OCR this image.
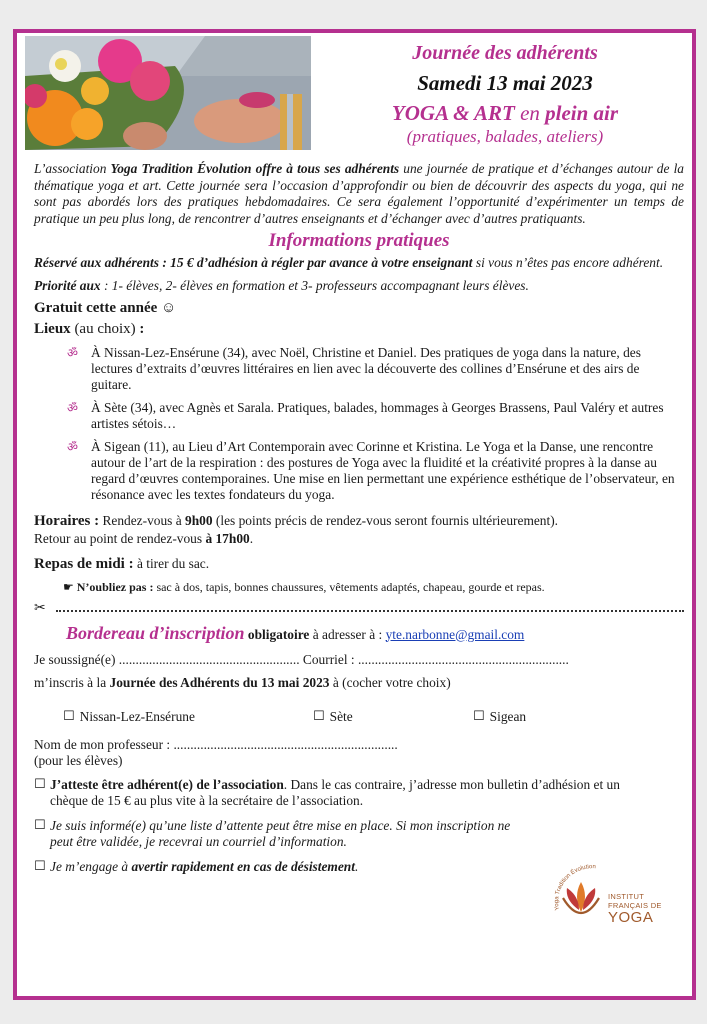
Journée des adhérents
Samedi 13 mai 2023
YOGA & ART en plein air
(pratiques, balades, ateliers)

L’association Yoga Tradition Évolution offre à tous ses adhérents une journée de pratique et d’échanges autour de la thématique yoga et art. Cette journée sera l’occasion d’approfondir ou bien de découvrir des aspects du yoga, qui ne sont pas abordés lors des pratiques hebdomadaires. Ce sera également l’opportunité d’expérimenter un temps de pratique un peu plus long, de rencontrer d’autres enseignants et d’échanger avec d’autres pratiquants.

Informations pratiques

Réservé aux adhérents : 15 € d’adhésion à régler par avance à votre enseignant si vous n’êtes pas encore adhérent.

Priorité aux : 1- élèves, 2- élèves en formation et 3- professeurs accompagnant leurs élèves.

Gratuit cette année ☺
Lieux (au choix) :
ॐ À Nissan-Lez-Ensérune (34), avec Noël, Christine et Daniel. Des pratiques de yoga dans la nature, des lectures d’extraits d’œuvres littéraires en lien avec la découverte des collines d’Ensérune et des airs de guitare.
ॐ À Sète (34), avec Agnès et Sarala. Pratiques, balades, hommages à Georges Brassens, Paul Valéry et autres artistes sétois…
ॐ À Sigean (11), au Lieu d’Art Contemporain avec Corinne et Kristina. Le Yoga et la Danse, une rencontre autour de l’art de la respiration : des postures de Yoga avec la fluidité et la créativité propres à la danse au regard d’œuvres contemporaines. Une mise en lien permettant une expérience esthétique de l’observateur, en résonance avec les textes fondateurs du yoga.
Horaires : Rendez-vous à 9h00 (les points précis de rendez-vous seront fournis ultérieurement).
Retour au point de rendez-vous à 17h00.
Repas de midi : à tirer du sac.
☛ N’oubliez pas : sac à dos, tapis, bonnes chaussures, vêtements adaptés, chapeau, gourde et repas.
✂
Bordereau d’inscription obligatoire à adresser à : yte.narbonne@gmail.com
Je soussigné(e) ...................................................... Courriel : ...............................................................
m’inscris à la Journée des Adhérents du 13 mai 2023 à (cocher votre choix)
☐ Nissan-Lez-Ensérune	☐ Sète	☐ Sigean
Nom de mon professeur : ...................................................................
(pour les élèves)
☐ J’atteste être adhérent(e) de l’association. Dans le cas contraire, j’adresse mon bulletin d’adhésion et un chèque de 15 € au plus vite à la secrétaire de l’association.
☐ Je suis informé(e) qu’une liste d’attente peut être mise en place. Si mon inscription ne peut être validée, je recevrai un courriel d’information.
☐ Je m’engage à avertir rapidement en cas de désistement.
Yoga Tradition Évolution
INSTITUT
FRANÇAIS DE
YOGA
